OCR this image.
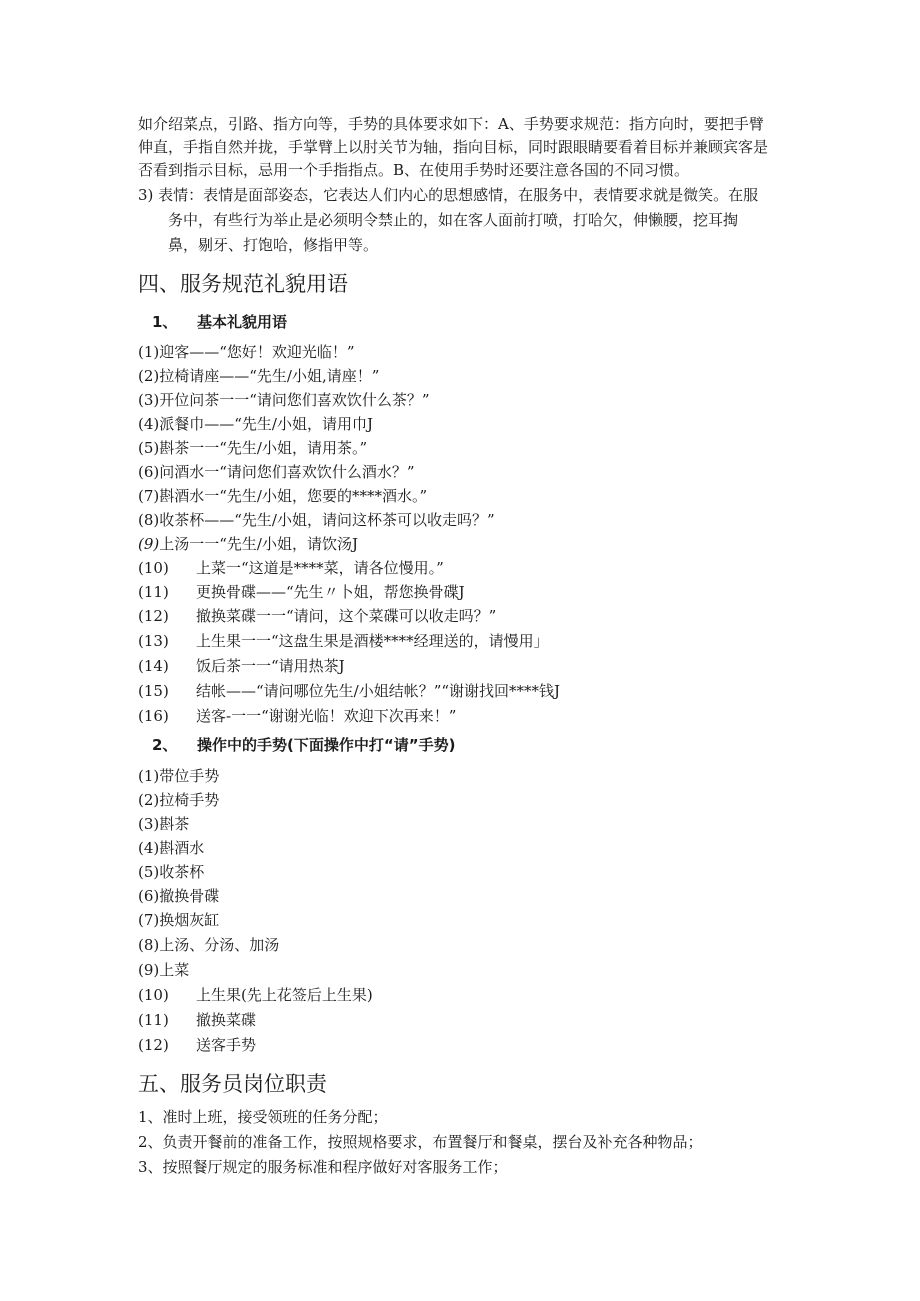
如介绍菜点，引路、指方向等，手势的具体要求如下：A、手势要求规范：指方向时，要把手臂
伸直，手指自然并拢，手掌臂上以肘关节为轴，指向目标，同时跟眼睛要看着目标并兼顾宾客是
否看到指示目标，忌用一个手指指点。B、在使用手势时还要注意各国的不同习惯。
3) 表情：表情是面部姿态，它表达人们内心的思想感情，在服务中，表情要求就是微笑。在服
务中，有些行为举止是必须明令禁止的，如在客人面前打喷，打哈欠，伸懒腰，挖耳掏
鼻，剔牙、打饱哈，修指甲等。
四、服务规范礼貌用语
1、 基本礼貌用语
(1)迎客——“您好！欢迎光临！”
(2)拉椅请座——“先生/小姐,请座！”
(3)开位问茶一一“请问您们喜欢饮什么茶？”
(4)派餐巾——“先生/小姐，请用巾J
(5)斟茶一一“先生/小姐，请用茶。”
(6)问酒水一“请问您们喜欢饮什么酒水？”
(7)斟酒水一“先生/小姐，您要的****酒水。”
(8)收茶杯——“先生/小姐，请问这杯茶可以收走吗？”
(9)上汤一一“先生/小姐，请饮汤J
(10) 上菜一“这道是****菜，请各位慢用。”
(11) 更换骨碟——“先生〃卜姐，帮您换骨碟J
(12) 撤换菜碟一一“请问，这个菜碟可以收走吗？”
(13) 上生果一一“这盘生果是酒楼****经理送的，请慢用」
(14) 饭后茶一一“请用热茶J
(15) 结帐——“请问哪位先生/小姐结帐？”“谢谢找回****钱J
(16) 送客-一一“谢谢光临！欢迎下次再来！”
2、 操作中的手势(下面操作中打“请”手势)
(1)带位手势
(2)拉椅手势
(3)斟茶
(4)斟酒水
(5)收茶杯
(6)撤换骨碟
(7)换烟灰缸
(8)上汤、分汤、加汤
(9)上菜
(10) 上生果(先上花签后上生果)
(11) 撤换菜碟
(12) 送客手势
五、服务员岗位职责
1、准时上班，接受领班的任务分配；
2、负责开餐前的准备工作，按照规格要求，布置餐厅和餐桌，摆台及补充各种物品；
3、按照餐厅规定的服务标准和程序做好对客服务工作；
